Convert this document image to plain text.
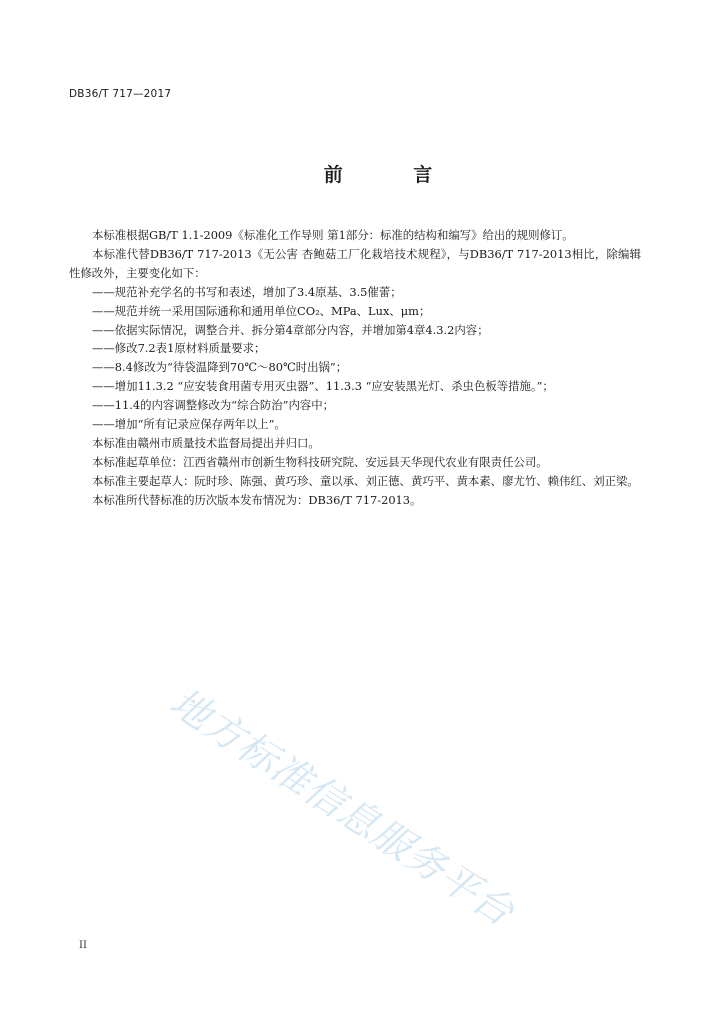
DB36/T 717—2017
前 言

本标准根据GB/T 1.1-2009《标准化工作导则 第1部分：标准的结构和编写》给出的规则修订。

本标准代替DB36/T 717-2013《无公害 杏鲍菇工厂化栽培技术规程》，与DB36/T 717-2013相比，除编辑性修改外，主要变化如下：

——规范补充学名的书写和表述，增加了3.4原基、3.5催蕾；

——规范并统一采用国际通称和通用单位CO₂、MPa、Lux、μm；

——依据实际情况，调整合并、拆分第4章部分内容，并增加第4章4.3.2内容；

——修改7.2表1原材料质量要求；

——8.4修改为“待袋温降到70℃～80℃时出锅”；

——增加11.3.2 “应安装食用菌专用灭虫器”、11.3.3 “应安装黑光灯、杀虫色板等措施。”；

——11.4的内容调整修改为“综合防治”内容中；

——增加“所有记录应保存两年以上”。

本标准由赣州市质量技术监督局提出并归口。

本标准起草单位：江西省赣州市创新生物科技研究院、安远县天华现代农业有限责任公司。

本标准主要起草人：阮时珍、陈强、黄巧珍、童以承、刘正德、黄巧平、黄本素、廖尤竹、赖伟红、刘正梁。

本标准所代替标准的历次版本发布情况为：DB36/T 717-2013。

地方标准信息服务平台
II
